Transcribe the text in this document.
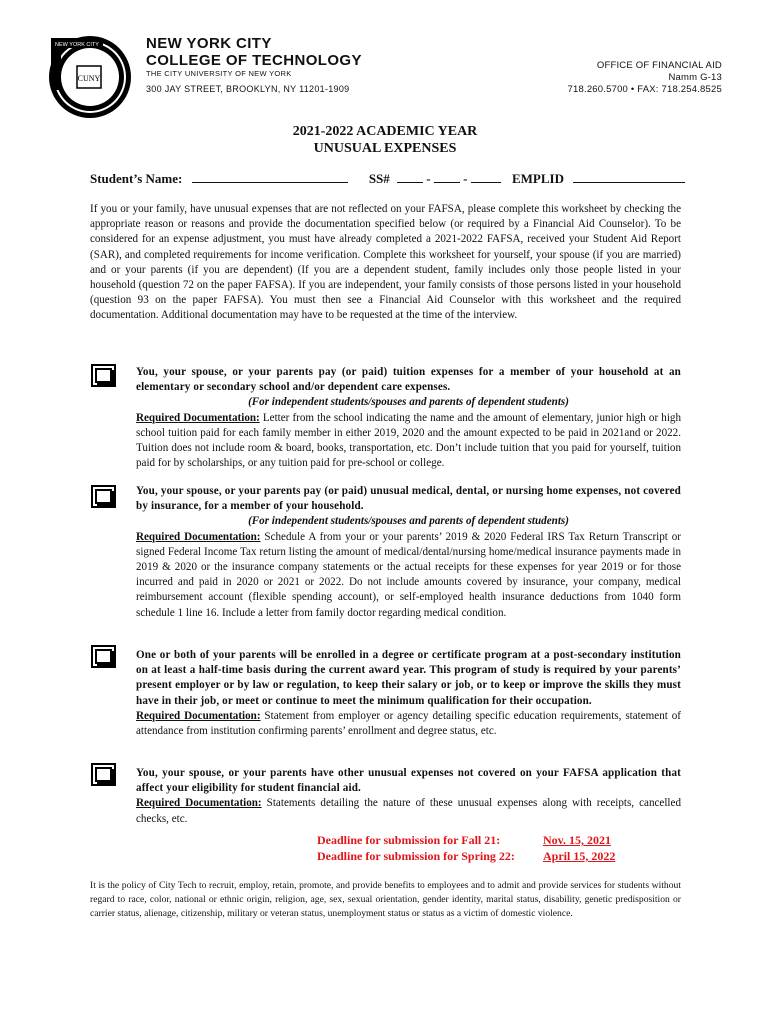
CUNY
NEW YORK CITY	NEW YORK CITY
COLLEGE OF TECHNOLOGY
THE CITY UNIVERSITY OF NEW YORK
300 JAY STREET, BROOKLYN, NY 11201-1909
OFFICE OF FINANCIAL AID
Namm G-13
718.260.5700 • FAX: 718.254.8525
2021-2022 ACADEMIC YEAR
UNUSUAL EXPENSES
Student’s Name:	SS#	-  -	EMPLID
If you or your family, have unusual expenses that are not reflected on your FAFSA, please complete this worksheet by checking the appropriate reason or reasons and provide the documentation specified below (or required by a Financial Aid Counselor). To be considered for an expense adjustment, you must have already completed a 2021-2022 FAFSA, received your Student Aid Report (SAR), and completed requirements for income verification. Complete this worksheet for yourself, your spouse (if you are married) and or your parents (if you are dependent) (If you are a dependent student, family includes only those people listed in your household (question 72 on the paper FAFSA). If you are independent, your family consists of those persons listed in your household (question 93 on the paper FAFSA). You must then see a Financial Aid Counselor with this worksheet and the required documentation. Additional documentation may have to be requested at the time of the interview.
You, your spouse, or your parents pay (or paid) tuition expenses for a member of your household at an elementary or secondary school and/or dependent care expenses.
(For independent students/spouses and parents of dependent students)
Required Documentation: Letter from the school indicating the name and the amount of elementary, junior high or high school tuition paid for each family member in either 2019, 2020 and the amount expected to be paid in 2021and or 2022. Tuition does not include room & board, books, transportation, etc. Don’t include tuition that you paid for yourself, tuition paid for by scholarships, or any tuition paid for pre-school or college.
You, your spouse, or your parents pay (or paid) unusual medical, dental, or nursing home expenses, not covered by insurance, for a member of your household.
(For independent students/spouses and parents of dependent students)
Required Documentation: Schedule A from your or your parents’ 2019 & 2020 Federal IRS Tax Return Transcript or signed Federal Income Tax return listing the amount of medical/dental/nursing home/medical insurance payments made in 2019 & 2020 or the insurance company statements or the actual receipts for these expenses for year 2019 or for those incurred and paid in 2020 or 2021 or 2022. Do not include amounts covered by insurance, your company, medical reimbursement account (flexible spending account), or self-employed health insurance deductions from 1040 form schedule 1 line 16. Include a letter from family doctor regarding medical condition.
One or both of your parents will be enrolled in a degree or certificate program at a post-secondary institution on at least a half-time basis during the current award year. This program of study is required by your parents’ present employer or by law or regulation, to keep their salary or job, or to keep or improve the skills they must have in their job, or meet or continue to meet the minimum qualification for their occupation.
Required Documentation: Statement from employer or agency detailing specific education requirements, statement of attendance from institution confirming parents’ enrollment and degree status, etc.
You, your spouse, or your parents have other unusual expenses not covered on your FAFSA application that affect your eligibility for student financial aid.
Required Documentation: Statements detailing the nature of these unusual expenses along with receipts, cancelled checks, etc.
Deadline for submission for Fall 21:	Nov. 15, 2021
Deadline for submission for Spring 22: April 15, 2022
It is the policy of City Tech to recruit, employ, retain, promote, and provide benefits to employees and to admit and provide services for students without regard to race, color, national or ethnic origin, religion, age, sex, sexual orientation, gender identity, marital status, disability, genetic predisposition or carrier status, alienage, citizenship, military or veteran status, unemployment status or status as a victim of domestic violence.
